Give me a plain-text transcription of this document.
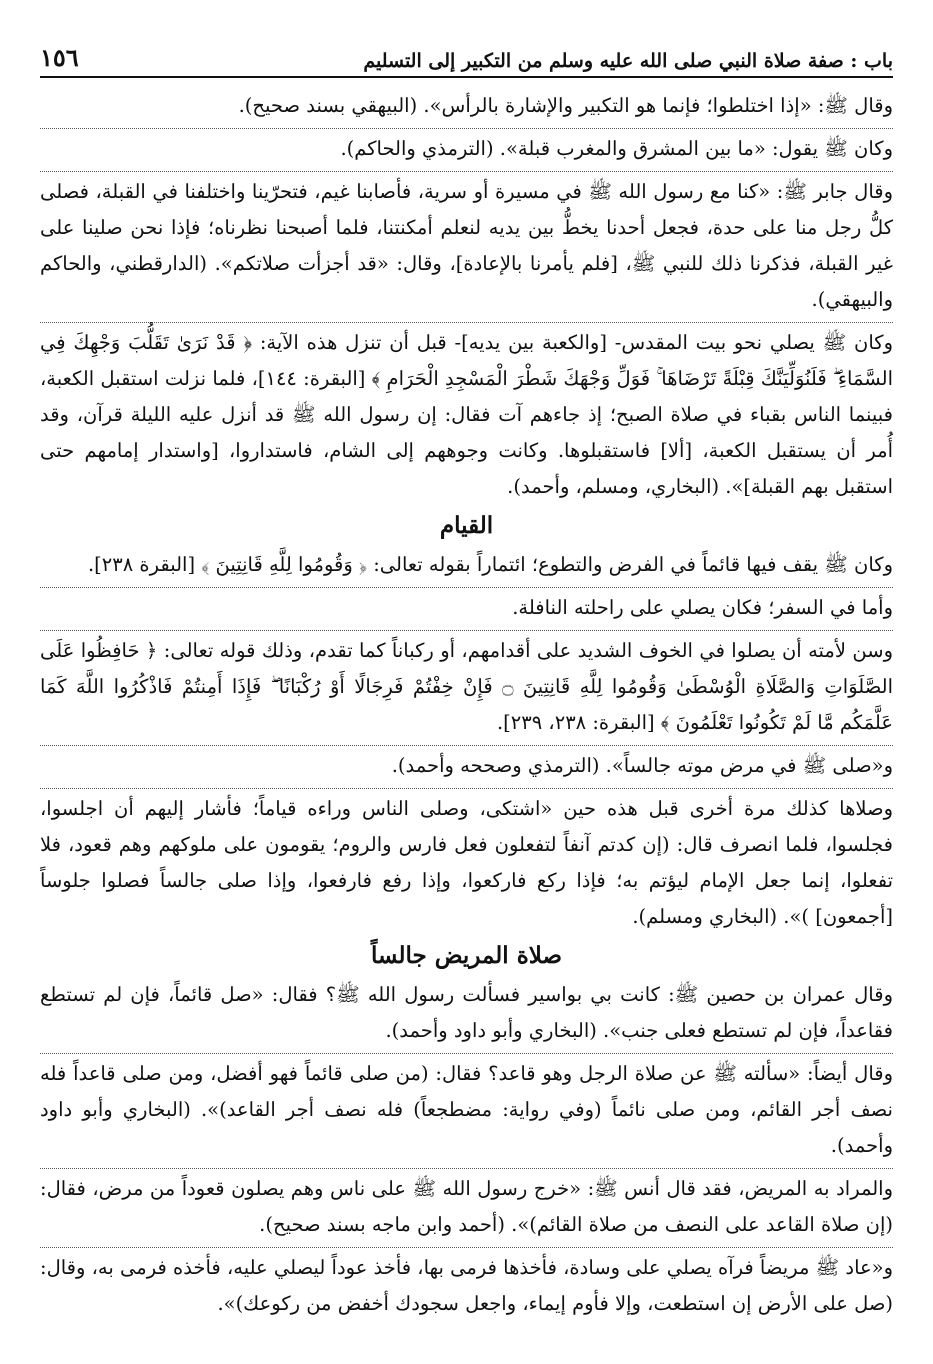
باب : صفة صلاة النبي صلى الله عليه وسلم من التكبير إلى التسليم
١٥٦

وقال ﷺ: «إذا اختلطوا؛ فإنما هو التكبير والإشارة بالرأس». (البيهقي بسند صحيح).

وكان ﷺ يقول: «ما بين المشرق والمغرب قبلة». (الترمذي والحاكم).

وقال جابر ﷺ: «كنا مع رسول الله ﷺ في مسيرة أو سرية، فأصابنا غيم، فتحرّينا واختلفنا في القبلة، فصلى كلُّ رجل منا على حدة، فجعل أحدنا يخطُّ بين يديه لنعلم أمكنتنا، فلما أصبحنا نظرناه؛ فإذا نحن صلينا على غير القبلة، فذكرنا ذلك للنبي ﷺ، [فلم يأمرنا بالإعادة]، وقال: «قد أجزأت صلاتكم». (الدارقطني، والحاكم والبيهقي).

وكان ﷺ يصلي نحو بيت المقدس- [والكعبة بين يديه]- قبل أن تنزل هذه الآية: ﴿ قَدْ نَرَىٰ تَقَلُّبَ وَجْهِكَ فِي السَّمَاءِ ۖ فَلَنُوَلِّيَنَّكَ قِبْلَةً تَرْضَاهَا ۚ فَوَلِّ وَجْهَكَ شَطْرَ الْمَسْجِدِ الْحَرَامِ ﴾ [البقرة: ١٤٤]، فلما نزلت استقبل الكعبة، فبينما الناس بقباء في صلاة الصبح؛ إذ جاءهم آت فقال: إن رسول الله ﷺ قد أنزل عليه الليلة قرآن، وقد أُمر أن يستقبل الكعبة، [ألا] فاستقبلوها. وكانت وجوههم إلى الشام، فاستداروا، [واستدار إمامهم حتى استقبل بهم القبلة]». (البخاري، ومسلم، وأحمد).

القيام

وكان ﷺ يقف فيها قائماً في الفرض والتطوع؛ ائتماراً بقوله تعالى: ﴿ وَقُومُوا لِلَّهِ قَانِتِينَ ﴾ [البقرة ٢٣٨].

وأما في السفر؛ فكان يصلي على راحلته النافلة.

وسن لأمته أن يصلوا في الخوف الشديد على أقدامهم، أو ركباناً كما تقدم، وذلك قوله تعالى: ﴿ حَافِظُوا عَلَى الصَّلَوَاتِ وَالصَّلَاةِ الْوُسْطَىٰ وَقُومُوا لِلَّهِ قَانِتِينَ ۝ فَإِنْ خِفْتُمْ فَرِجَالًا أَوْ رُكْبَانًا ۖ فَإِذَا أَمِنتُمْ فَاذْكُرُوا اللَّهَ كَمَا عَلَّمَكُم مَّا لَمْ تَكُونُوا تَعْلَمُونَ ﴾ [البقرة: ٢٣٨، ٢٣٩].

و«صلى ﷺ في مرض موته جالساً». (الترمذي وصححه وأحمد).

وصلاها كذلك مرة أخرى قبل هذه حين «اشتكى، وصلى الناس وراءه قياماً؛ فأشار إليهم أن اجلسوا، فجلسوا، فلما انصرف قال: (إن كدتم آنفاً لتفعلون فعل فارس والروم؛ يقومون على ملوكهم وهم قعود، فلا تفعلوا، إنما جعل الإمام ليؤتم به؛ فإذا ركع فاركعوا، وإذا رفع فارفعوا، وإذا صلى جالساً فصلوا جلوساً [أجمعون] )». (البخاري ومسلم).

صلاة المريض جالساً

وقال عمران بن حصين ﷺ: كانت بي بواسير فسألت رسول الله ﷺ؟ فقال: «صل قائماً، فإن لم تستطع فقاعداً، فإن لم تستطع فعلى جنب». (البخاري وأبو داود وأحمد).

وقال أيضاً: «سألته ﷺ عن صلاة الرجل وهو قاعد؟ فقال: (من صلى قائماً فهو أفضل، ومن صلى قاعداً فله نصف أجر القائم، ومن صلى نائماً (وفي رواية: مضطجعاً) فله نصف أجر القاعد)». (البخاري وأبو داود وأحمد).

والمراد به المريض، فقد قال أنس ﷺ: «خرج رسول الله ﷺ على ناس وهم يصلون قعوداً من مرض، فقال: (إن صلاة القاعد على النصف من صلاة القائم)». (أحمد وابن ماجه بسند صحيح).

و«عاد ﷺ مريضاً فرآه يصلي على وسادة، فأخذها فرمى بها، فأخذ عوداً ليصلي عليه، فأخذه فرمى به، وقال: (صل على الأرض إن استطعت، وإلا فأوم إيماء، واجعل سجودك أخفض من ركوعك)».
